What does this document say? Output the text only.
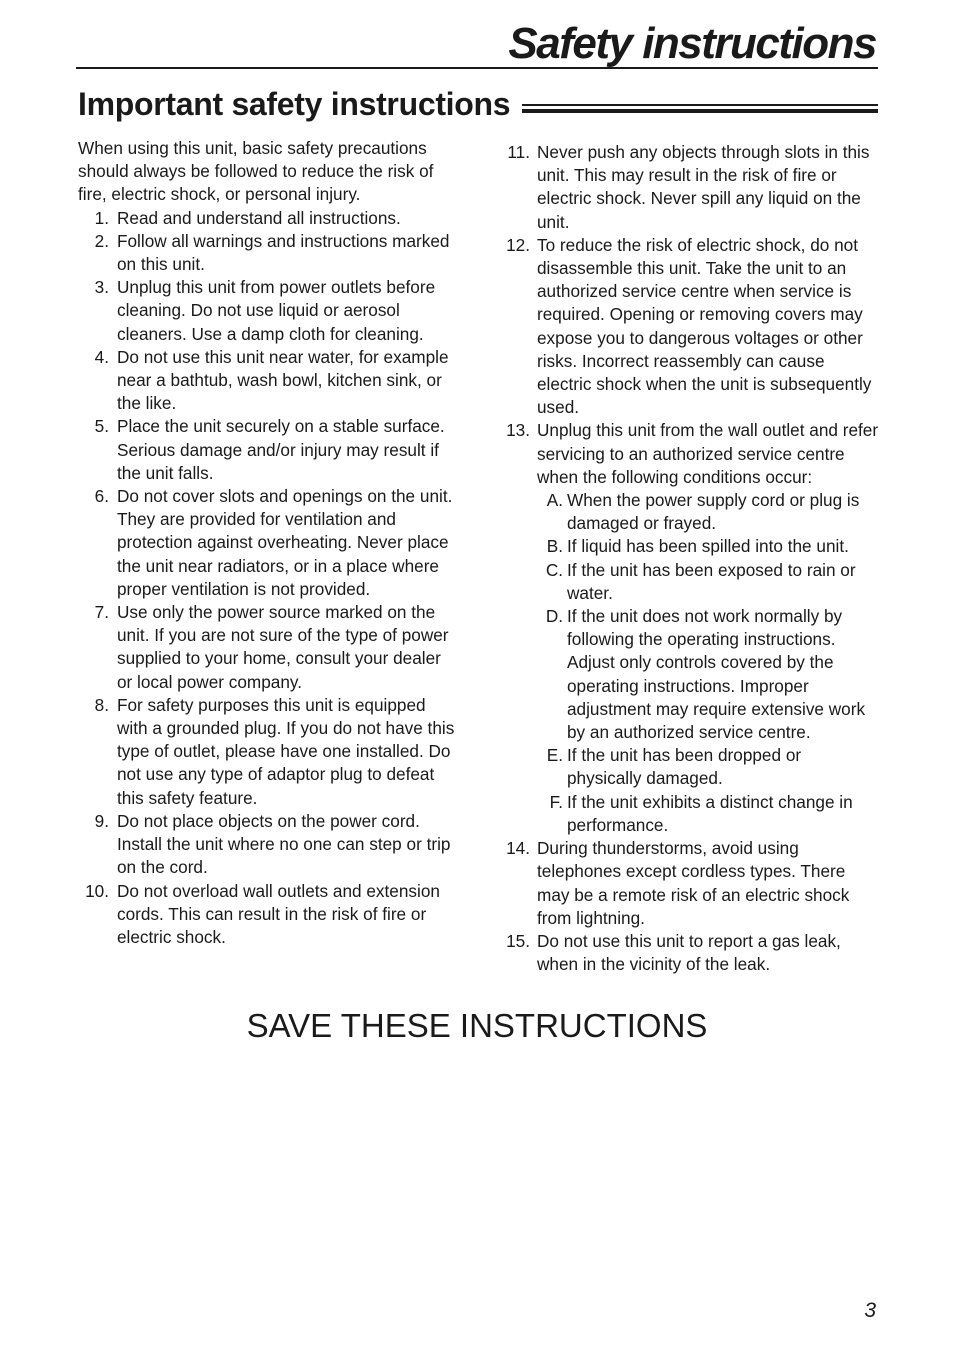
Safety instructions
Important safety instructions

When using this unit, basic safety precautions should always be followed to reduce the risk of fire, electric shock, or personal injury.

1. Read and understand all instructions.
2. Follow all warnings and instructions marked on this unit.
3. Unplug this unit from power outlets before cleaning. Do not use liquid or aerosol cleaners. Use a damp cloth for cleaning.
4. Do not use this unit near water, for example near a bathtub, wash bowl, kitchen sink, or the like.
5. Place the unit securely on a stable surface. Serious damage and/or injury may result if the unit falls.
6. Do not cover slots and openings on the unit. They are provided for ventilation and protection against overheating. Never place the unit near radiators, or in a place where proper ventilation is not provided.
7. Use only the power source marked on the unit. If you are not sure of the type of power supplied to your home, consult your dealer or local power company.
8. For safety purposes this unit is equipped with a grounded plug. If you do not have this type of outlet, please have one installed. Do not use any type of adaptor plug to defeat this safety feature.
9. Do not place objects on the power cord. Install the unit where no one can step or trip on the cord.
10. Do not overload wall outlets and extension cords. This can result in the risk of fire or electric shock.
11. Never push any objects through slots in this unit. This may result in the risk of fire or electric shock. Never spill any liquid on the unit.
12. To reduce the risk of electric shock, do not disassemble this unit. Take the unit to an authorized service centre when service is required. Opening or removing covers may expose you to dangerous voltages or other risks. Incorrect reassembly can cause electric shock when the unit is subsequently used.
13. Unplug this unit from the wall outlet and refer servicing to an authorized service centre when the following conditions occur:
A. When the power supply cord or plug is damaged or frayed.
B. If liquid has been spilled into the unit.
C. If the unit has been exposed to rain or water.
D. If the unit does not work normally by following the operating instructions. Adjust only controls covered by the operating instructions. Improper adjustment may require extensive work by an authorized service centre.
E. If the unit has been dropped or physically damaged.
F. If the unit exhibits a distinct change in performance.
14. During thunderstorms, avoid using telephones except cordless types. There may be a remote risk of an electric shock from lightning.
15. Do not use this unit to report a gas leak, when in the vicinity of the leak.

SAVE THESE INSTRUCTIONS

3
